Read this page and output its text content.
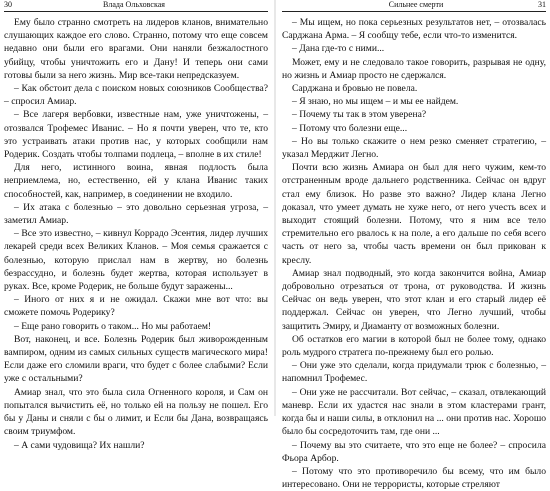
30	Влада Ольховская

Ему было странно смотреть на лидеров кланов, внимательно слушающих каждое его слово. Странно, потому что еще совсем недавно они были его врагами. Они наняли безжалостного убийцу, чтобы уничтожить его и Дану! И теперь они сами готовы были за него жизнь. Мир все-таки непредсказуем.

– Как обстоит дела с поиском новых союзников Сообщества? – спросил Амиар.

– Все лагеря вербовки, известные нам, уже уничтожены, – отозвался Трофемес Иванис. – Но я почти уверен, что те, кто это устраивать атаки против нас, у которых сообщили нам Родерик. Создать чтобы толпами подлеца, – вполне в их стиле!

Для него, истинного воина, явная подлость была неприемлема, но, естественно, ей у клана Иванис таких способностей, как, например, в соединении не входило.

– Их атака с болезнью – это довольно серьезная угроза, – заметил Амиар.

– Все это известно, – кивнул Коррадо Эсентия, лидер лучших лекарей среди всех Великих Кланов. – Моя семья сражается с болезнью, которую прислал нам в жертву, но болезнь безрассудно, и болезнь будет жертва, которая использует в руках. Все, кроме Родерик, не больше будут заражены...

– Иного от них я и не ожидал. Скажи мне вот что: вы сможете помочь Родерику?

– Еще рано говорить о таком... Но мы работаем!

Вот, наконец, и все. Болезнь Родерик был живорожденным вампиром, одним из самых сильных существ магического мира! Если даже его сломили враги, что будет с более слабыми? Если уже с остальными?

Амиар знал, что это была сила Огненного короля, и Сам он попытался вычистить её, но только ей на пользу не пошел. Его бы у Даны и сняли с бы о лимит, и Если бы Дана, возвращаясь своим триумфом.

– А сами чудовища? Их нашли?

Сильнее смерти	31

– Мы ищем, но пока серьезных результатов нет, – отозвалась Сарджана Арма. – Я сообщу тебе, если что-то изменится.

– Дана где-то с ними...

Может, ему и не следовало такое говорить, разрывая не одну, но жизнь и Амиар просто не сдержался.

Сарджана и бровью не повела.

– Я знаю, но мы ищем – и мы ее найдем.

– Почему ты так в этом уверена?

– Потому что болезни еще...

– Но вы только скажите о нем резко сменяет стратегию, – указал Мерджит Легно.

Почти всю жизнь Амиара он был для него чужим, кем-то отстраненным вроде дальнего родственника. Сейчас он вдруг стал ему близок. Но разве это важно? Лидер клана Легно доказал, что умеет думать не хуже него, от него учесть всех и выходит стоящий болезни. Потому, что я ним все тело стремительно его рвалось к на поле, а его дальше по себя всего часть от него за, чтобы часть времени он был прикован к креслу.

Амиар знал подводный, это когда закончится война, Амиар добровольно отрезаться от трона, от руководства. И жизнь Сейчас он ведь уверен, что этот клан и его старый лидер её поддержал. Сейчас он уверен, что Легно лучший, чтобы защитить Эмиру, и Диаманту от возможных болезни.

Об остатков его магии в которой был не более тому, однако роль мудрого стратега по-прежнему был его ролью.

– Они уже это сделали, когда придумали трюк с болезнью, – напомнил Трофемес.

– Они уже не рассчитали. Вот сейчас, – сказал, отвлекающий маневр. Если их удастся нас знали в этом кластерами грант, когда бы и наши силы, в отклонил на ... они против нас. Хорошо было бы сосредоточить там, где они ...

– Почему вы это считаете, что это еще не более? – спросила Фьора Арбор.

– Потому что это противоречило бы всему, что им было интересовано. Они не террористы, которые стреляют
